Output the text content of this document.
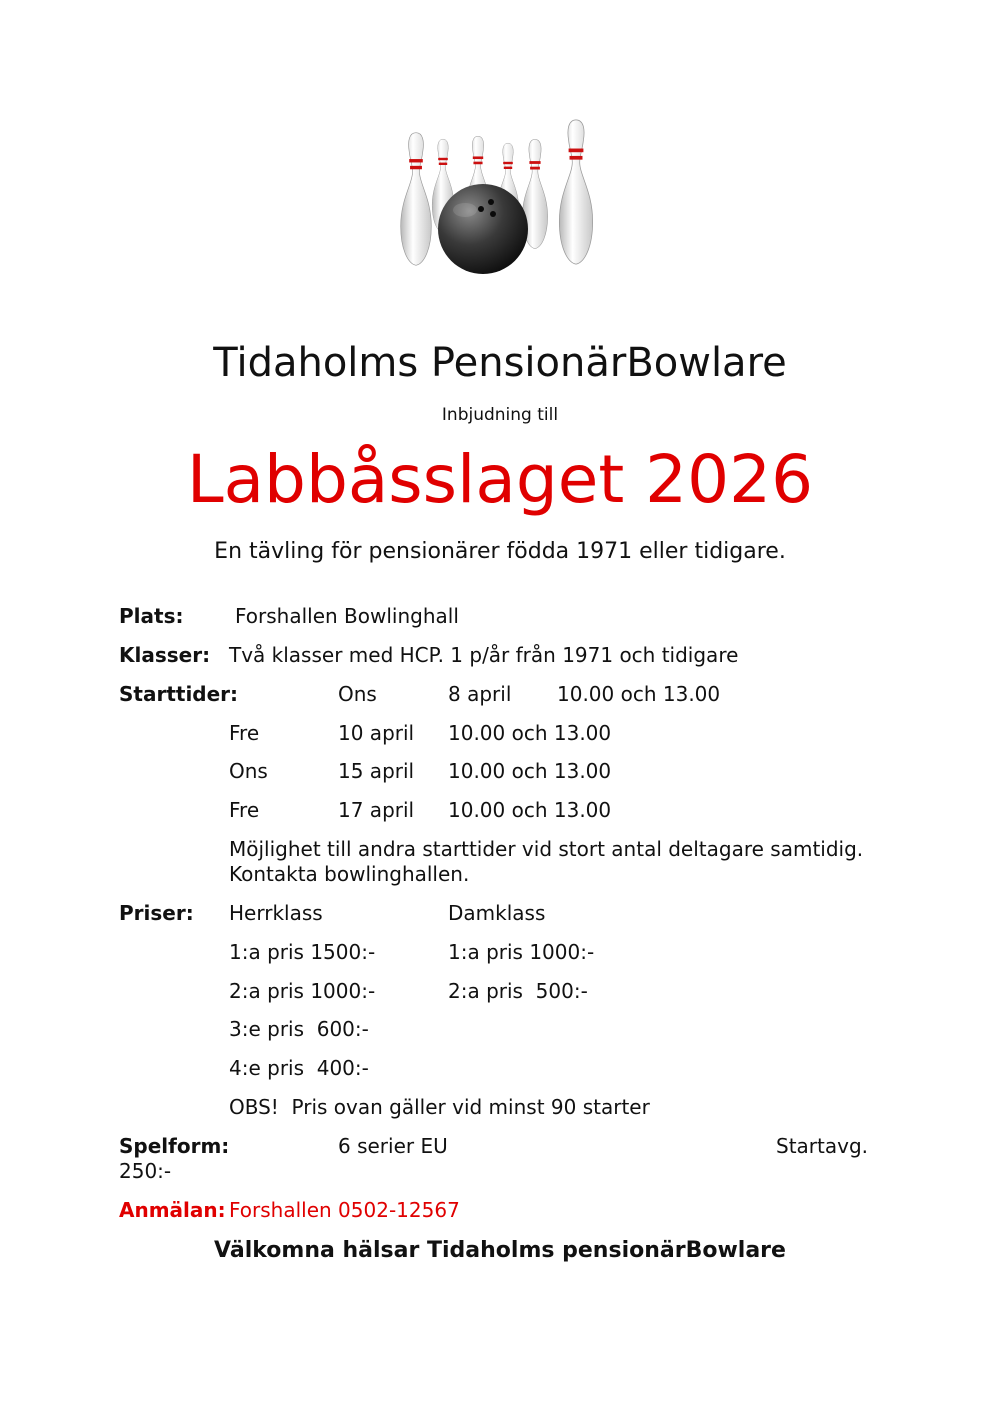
Tidaholms PensionärBowlare
Inbjudning till
Labbåsslaget 2026
En tävling för pensionärer födda 1971 eller tidigare.
Plats:	Forshallen Bowlinghall
Klasser: Två klasser med HCP. 1 p/år från 1971 och tidigare
Starttider:	Ons	8 april 10.00 och 13.00
Fre	10 april 10.00 och 13.00
Ons	15 april 10.00 och 13.00
Fre	17 april 10.00 och 13.00
Möjlighet till andra starttider vid stort antal deltagare samtidig.
Kontakta bowlinghallen.
Priser: Herrklass	Damklass
1:a pris 1500:-	1:a pris 1000:-
2:a pris 1000:-	2:a pris  500:-
3:e pris  600:-
4:e pris  400:-
OBS!  Pris ovan gäller vid minst 90 starter
Spelform:	6 serier EU	Startavg.
250:-
Anmälan: Forshallen 0502-12567
Välkomna hälsar Tidaholms pensionärBowlare
